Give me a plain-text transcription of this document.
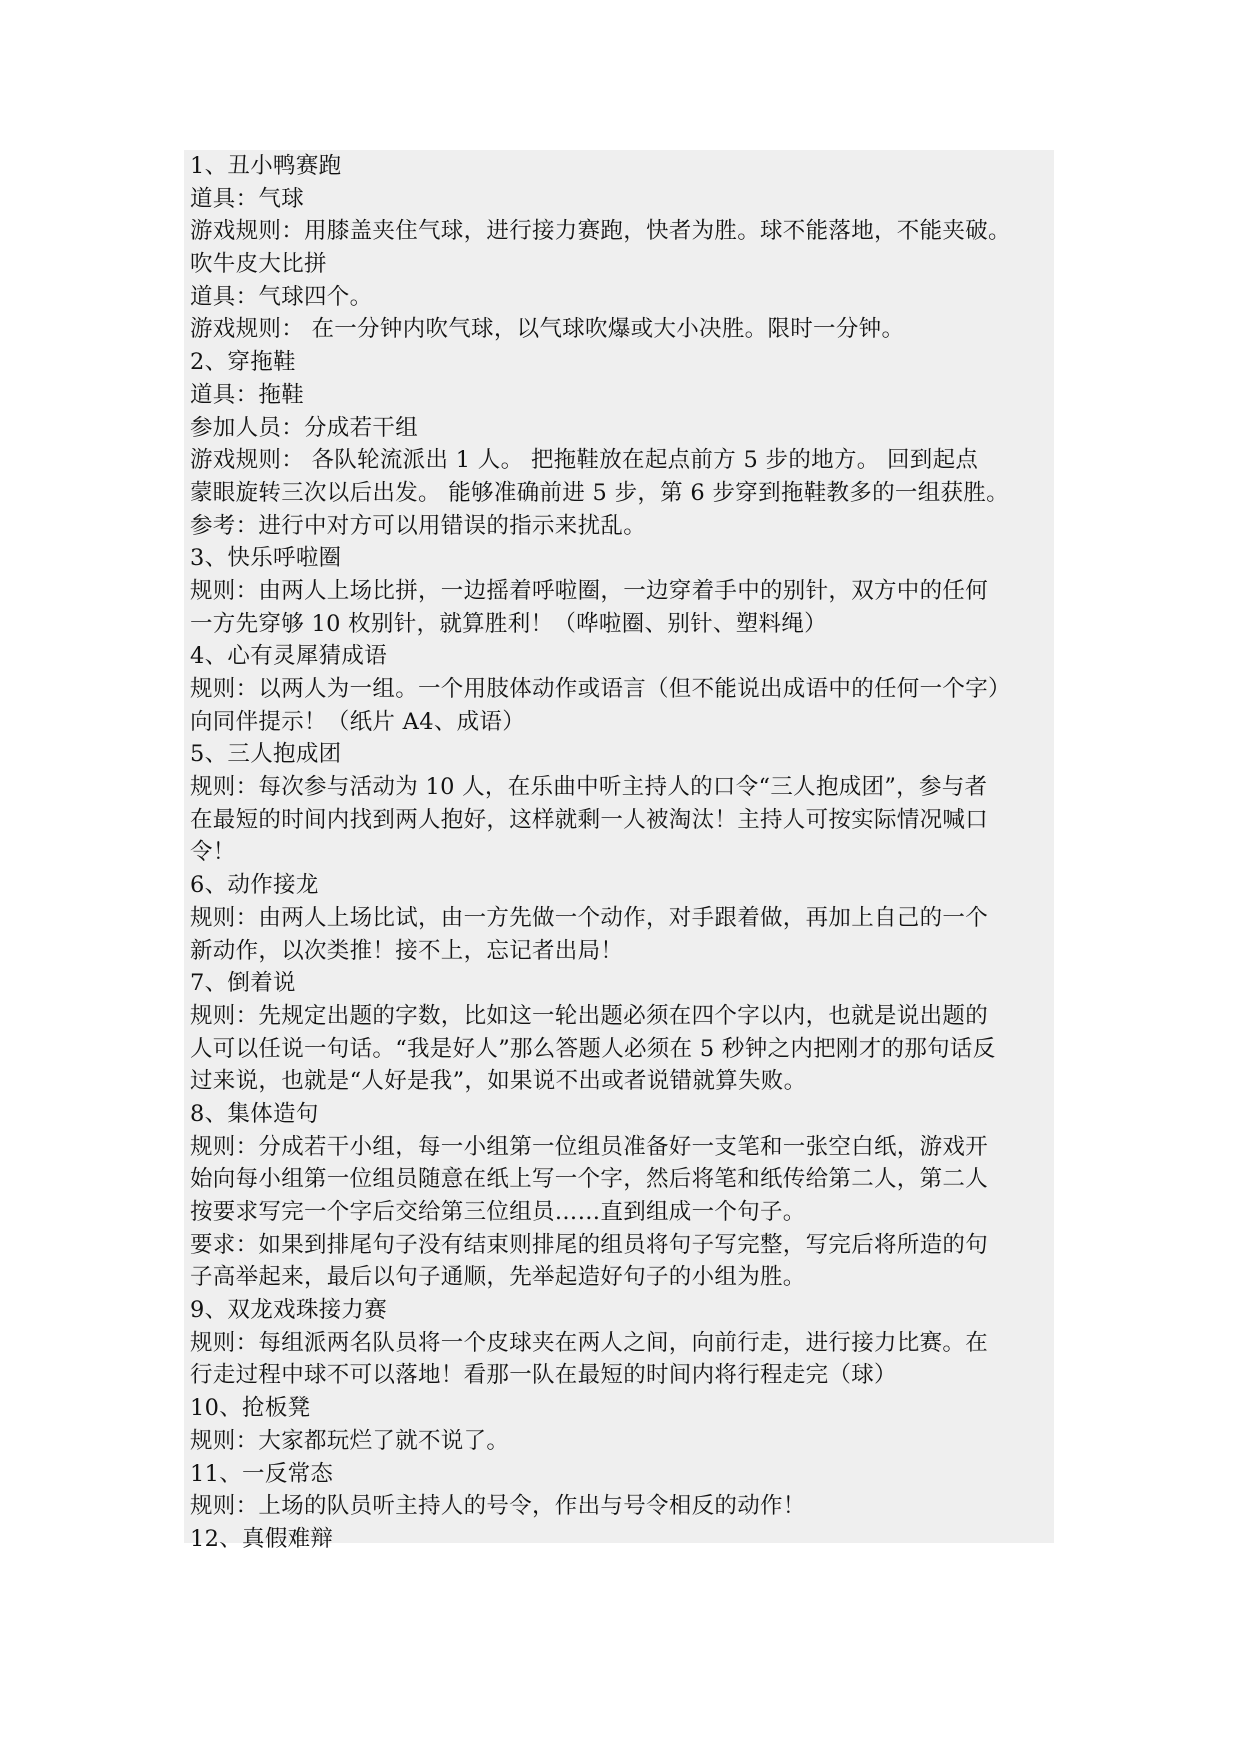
1、丑小鸭赛跑
道具：气球
游戏规则：用膝盖夹住气球，进行接力赛跑，快者为胜。球不能落地，不能夹破。
吹牛皮大比拼
道具：气球四个。
游戏规则： 在一分钟内吹气球，以气球吹爆或大小决胜。限时一分钟。
2、穿拖鞋
道具：拖鞋
参加人员：分成若干组
游戏规则： 各队轮流派出 1 人。 把拖鞋放在起点前方 5 步的地方。 回到起点
蒙眼旋转三次以后出发。 能够准确前进 5 步，第 6 步穿到拖鞋教多的一组获胜。
参考：进行中对方可以用错误的指示来扰乱。
3、快乐呼啦圈
规则：由两人上场比拼，一边摇着呼啦圈，一边穿着手中的别针，双方中的任何
一方先穿够 10 枚别针，就算胜利！（哗啦圈、别针、塑料绳）
4、心有灵犀猜成语
规则：以两人为一组。一个用肢体动作或语言（但不能说出成语中的任何一个字）
向同伴提示！（纸片 A4、成语）
5、三人抱成团
规则：每次参与活动为 10 人，在乐曲中听主持人的口令“三人抱成团”，参与者
在最短的时间内找到两人抱好，这样就剩一人被淘汰！主持人可按实际情况喊口
令！
6、动作接龙
规则：由两人上场比试，由一方先做一个动作，对手跟着做，再加上自己的一个
新动作，以次类推！接不上，忘记者出局！
7、倒着说
规则：先规定出题的字数，比如这一轮出题必须在四个字以内，也就是说出题的
人可以任说一句话。“我是好人”那么答题人必须在 5 秒钟之内把刚才的那句话反
过来说，也就是“人好是我”，如果说不出或者说错就算失败。
8、集体造句
规则：分成若干小组，每一小组第一位组员准备好一支笔和一张空白纸，游戏开
始向每小组第一位组员随意在纸上写一个字，然后将笔和纸传给第二人，第二人
按要求写完一个字后交给第三位组员……直到组成一个句子。
要求：如果到排尾句子没有结束则排尾的组员将句子写完整，写完后将所造的句
子高举起来，最后以句子通顺，先举起造好句子的小组为胜。
9、双龙戏珠接力赛
规则：每组派两名队员将一个皮球夹在两人之间，向前行走，进行接力比赛。在
行走过程中球不可以落地！看那一队在最短的时间内将行程走完（球）
10、抢板凳
规则：大家都玩烂了就不说了。
11、一反常态
规则：上场的队员听主持人的号令，作出与号令相反的动作！
12、真假难辩
